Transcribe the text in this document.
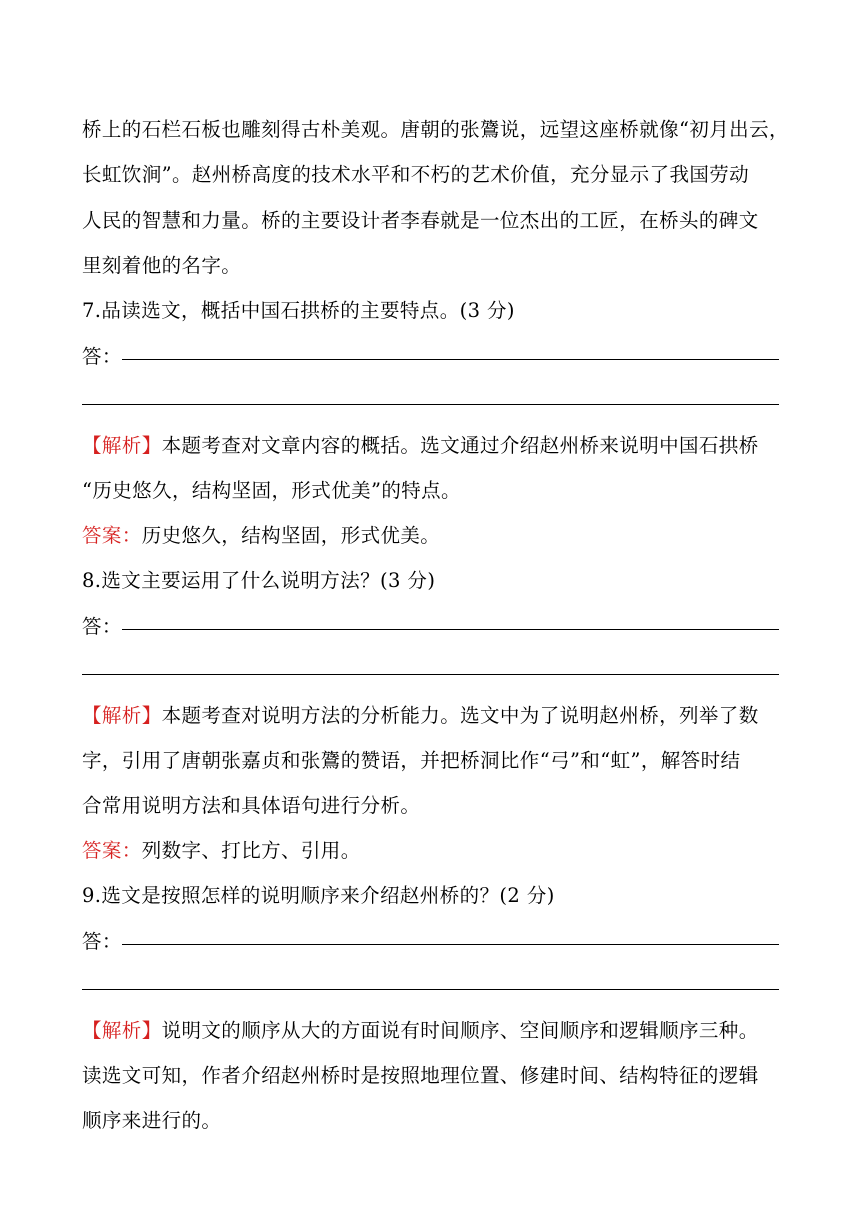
桥上的石栏石板也雕刻得古朴美观。唐朝的张鷟说，远望这座桥就像“初月出云，
长虹饮涧”。赵州桥高度的技术水平和不朽的艺术价值，充分显示了我国劳动
人民的智慧和力量。桥的主要设计者李春就是一位杰出的工匠，在桥头的碑文
里刻着他的名字。
7.品读选文，概括中国石拱桥的主要特点。(3 分)
答：
【解析】本题考查对文章内容的概括。选文通过介绍赵州桥来说明中国石拱桥
“历史悠久，结构坚固，形式优美”的特点。
答案：历史悠久，结构坚固，形式优美。
8.选文主要运用了什么说明方法？(3 分)
答：
【解析】本题考查对说明方法的分析能力。选文中为了说明赵州桥，列举了数
字，引用了唐朝张嘉贞和张鷟的赞语，并把桥洞比作“弓”和“虹”，解答时结
合常用说明方法和具体语句进行分析。
答案：列数字、打比方、引用。
9.选文是按照怎样的说明顺序来介绍赵州桥的？(2 分)
答：
【解析】说明文的顺序从大的方面说有时间顺序、空间顺序和逻辑顺序三种。
读选文可知，作者介绍赵州桥时是按照地理位置、修建时间、结构特征的逻辑
顺序来进行的。
